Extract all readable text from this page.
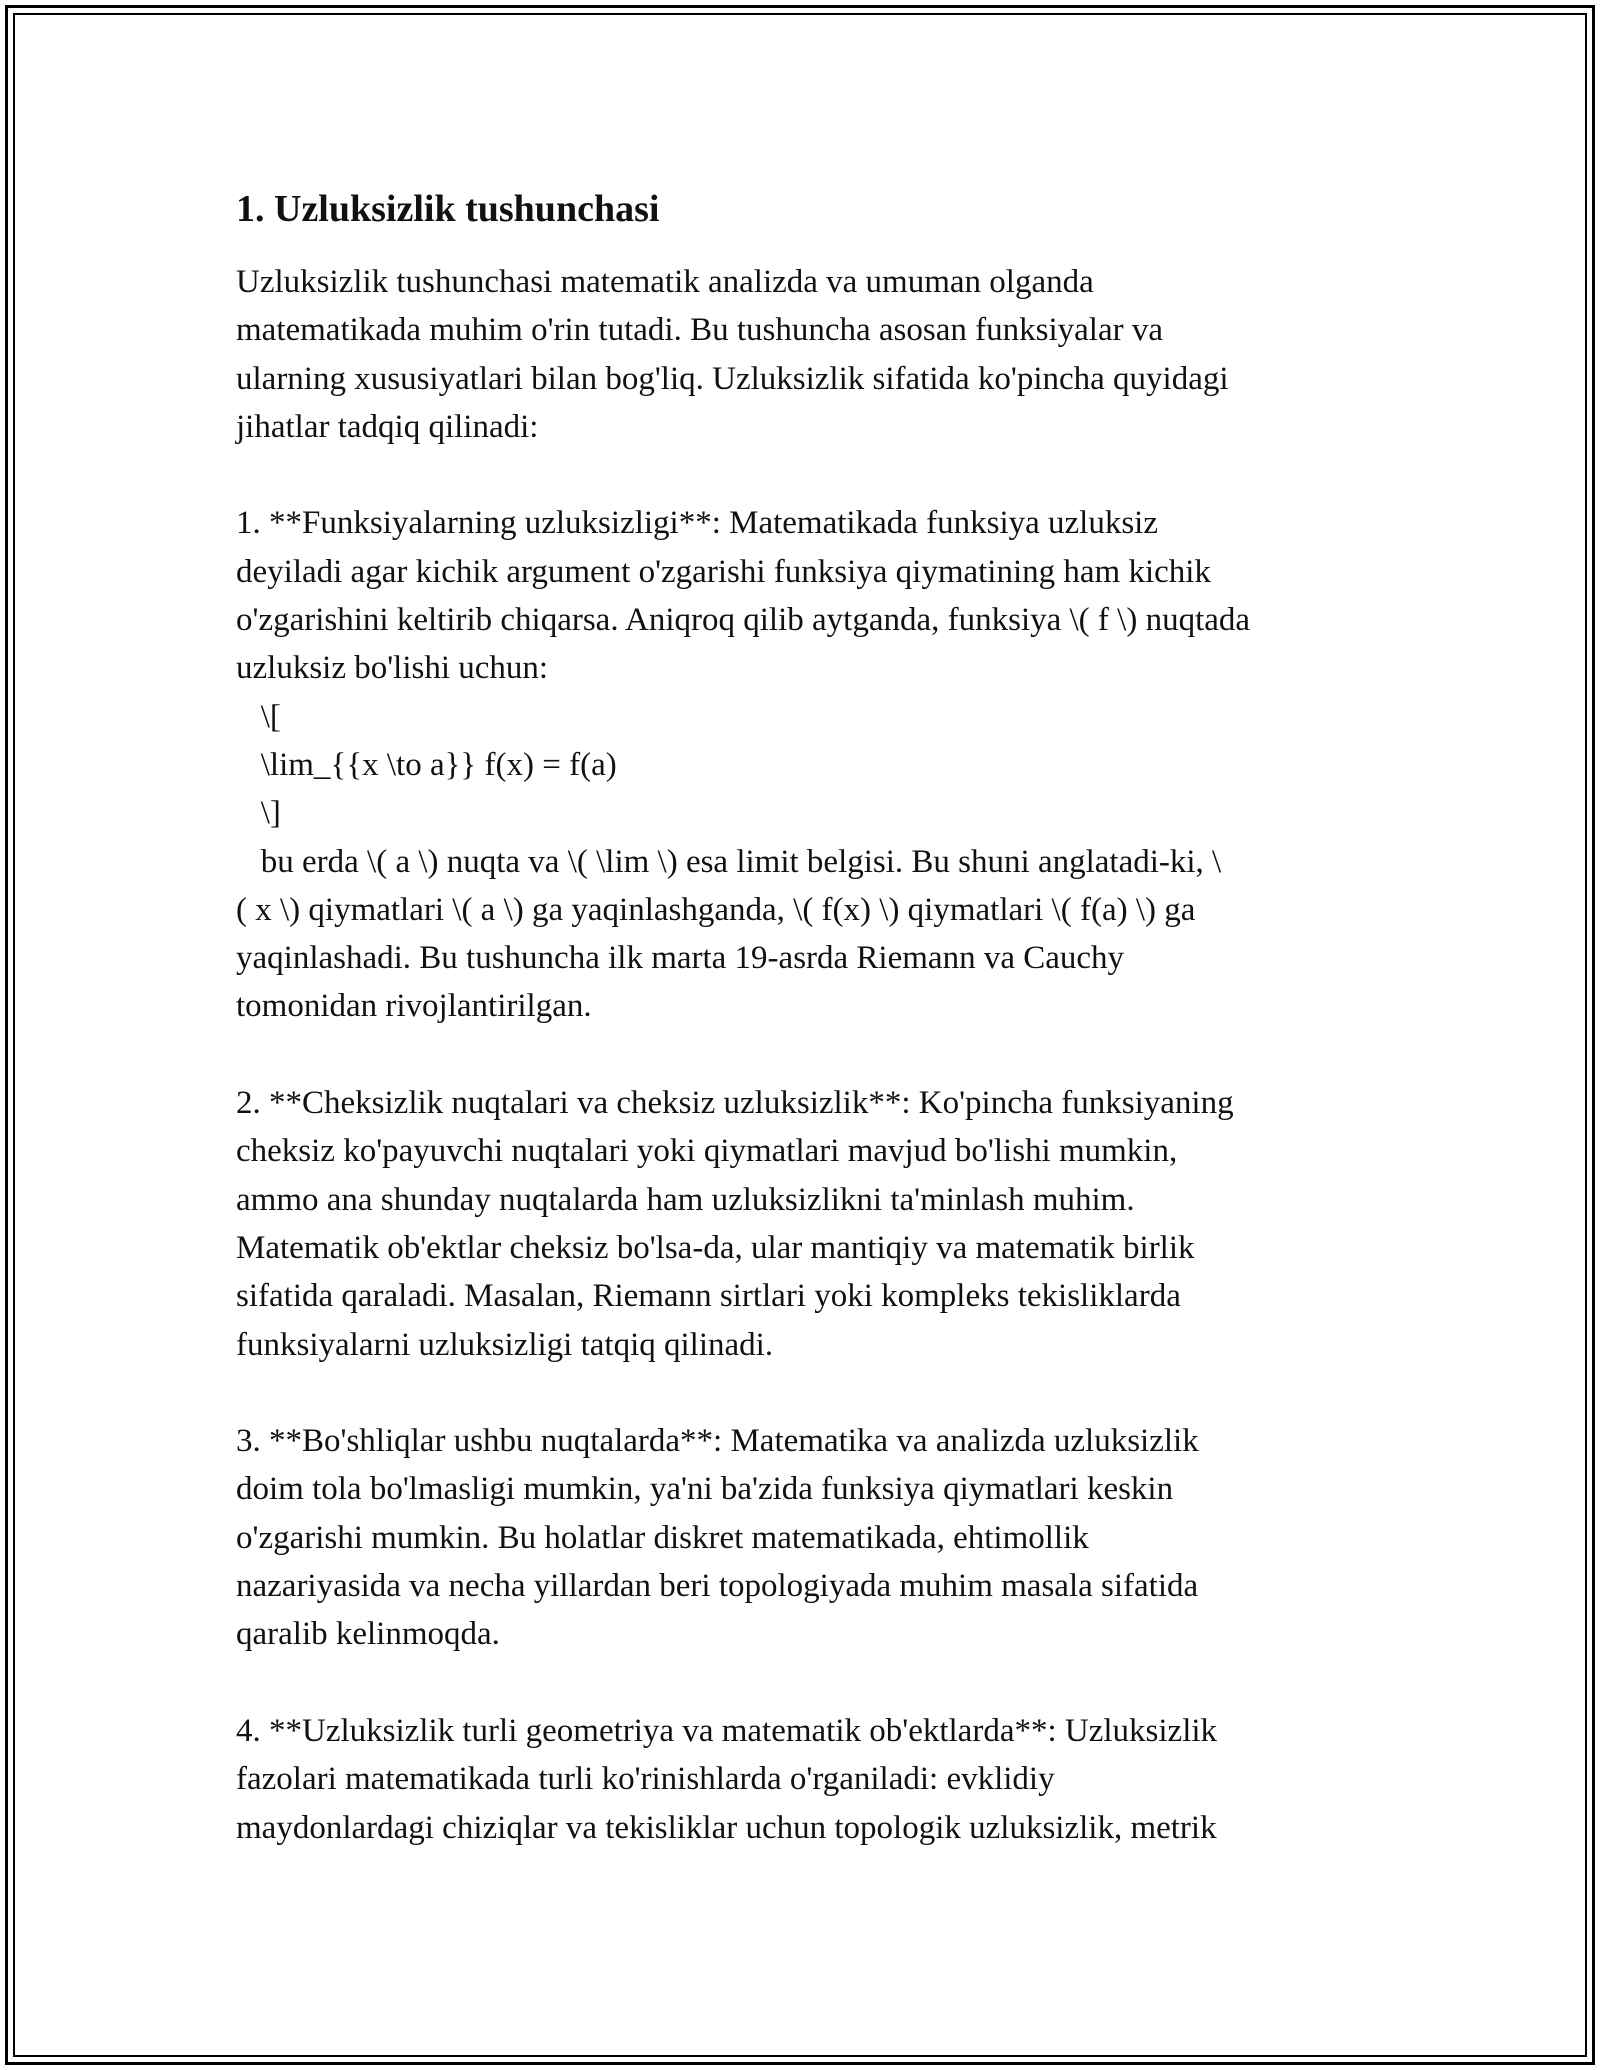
1. Uzluksizlik tushunchasi

Uzluksizlik tushunchasi matematik analizda va umuman olganda

matematikada muhim o'rin tutadi. Bu tushuncha asosan funksiyalar va

ularning xususiyatlari bilan bog'liq. Uzluksizlik sifatida ko'pincha quyidagi

jihatlar tadqiq qilinadi:

1. **Funksiyalarning uzluksizligi**: Matematikada funksiya uzluksiz

deyiladi agar kichik argument o'zgarishi funksiya qiymatining ham kichik

o'zgarishini keltirib chiqarsa. Aniqroq qilib aytganda, funksiya \( f \) nuqtada

uzluksiz bo'lishi uchun:

\[

\lim_{{x \to a}} f(x) = f(a)

\]

bu erda \( a \) nuqta va \( \lim \) esa limit belgisi. Bu shuni anglatadi-ki, \

( x \) qiymatlari \( a \) ga yaqinlashganda, \( f(x) \) qiymatlari \( f(a) \) ga

yaqinlashadi. Bu tushuncha ilk marta 19-asrda Riemann va Cauchy

tomonidan rivojlantirilgan.

2. **Cheksizlik nuqtalari va cheksiz uzluksizlik**: Ko'pincha funksiyaning

cheksiz ko'payuvchi nuqtalari yoki qiymatlari mavjud bo'lishi mumkin,

ammo ana shunday nuqtalarda ham uzluksizlikni ta'minlash muhim.

Matematik ob'ektlar cheksiz bo'lsa-da, ular mantiqiy va matematik birlik

sifatida qaraladi. Masalan, Riemann sirtlari yoki kompleks tekisliklarda

funksiyalarni uzluksizligi tatqiq qilinadi.

3. **Bo'shliqlar ushbu nuqtalarda**: Matematika va analizda uzluksizlik

doim tola bo'lmasligi mumkin, ya'ni ba'zida funksiya qiymatlari keskin

o'zgarishi mumkin. Bu holatlar diskret matematikada, ehtimollik

nazariyasida va necha yillardan beri topologiyada muhim masala sifatida

qaralib kelinmoqda.

4. **Uzluksizlik turli geometriya va matematik ob'ektlarda**: Uzluksizlik

fazolari matematikada turli ko'rinishlarda o'rganiladi: evklidiy

maydonlardagi chiziqlar va tekisliklar uchun topologik uzluksizlik, metrik
